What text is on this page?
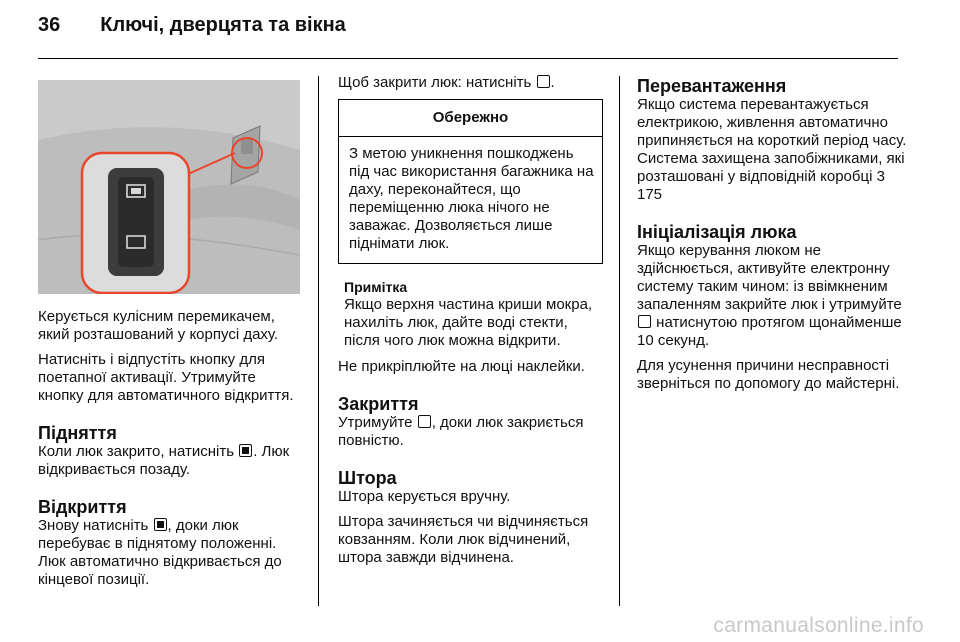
36 Ключі, дверцята та вікна

Керується кулісним перемикачем, який розташований у корпусі даху.

Натисніть і відпустіть кнопку для поетапної активації. Утримуйте кнопку для автоматичного відкриття.

Підняття

Коли люк закрито, натисніть . Люк відкривається позаду.

Відкриття

Знову натисніть , доки люк перебуває в піднятому положенні. Люк автоматично відкривається до кінцевої позиції.

Щоб закрити люк: натисніть .

Обережно
З метою уникнення пошкоджень під час використання багажника на даху, переконайтеся, що переміщенню люка нічого не заважає. Дозволяється лише піднімати люк.
Примітка
Якщо верхня частина криши мокра, нахиліть люк, дайте воді стекти, після чого люк можна відкрити.

Не прикріплюйте на люці наклейки.

Закриття

Утримуйте , доки люк закриється повністю.

Штора

Штора керується вручну.

Штора зачиняється чи відчиняється ковзанням. Коли люк відчинений, штора завжди відчинена.

Перевантаження

Якщо система перевантажується електрикою, живлення автоматично припиняється на короткий період часу. Система захищена запобіжниками, які розташовані у відповідній коробці 3 175

Ініціалізація люка

Якщо керування люком не здійснюється, активуйте електронну систему таким чином: із ввімкненим запаленням закрийте люк і утримуйте  натиснутою протягом щонайменше 10 секунд.

Для усунення причини несправності зверніться по допомогу до майстерні.

carmanualsonline.info
